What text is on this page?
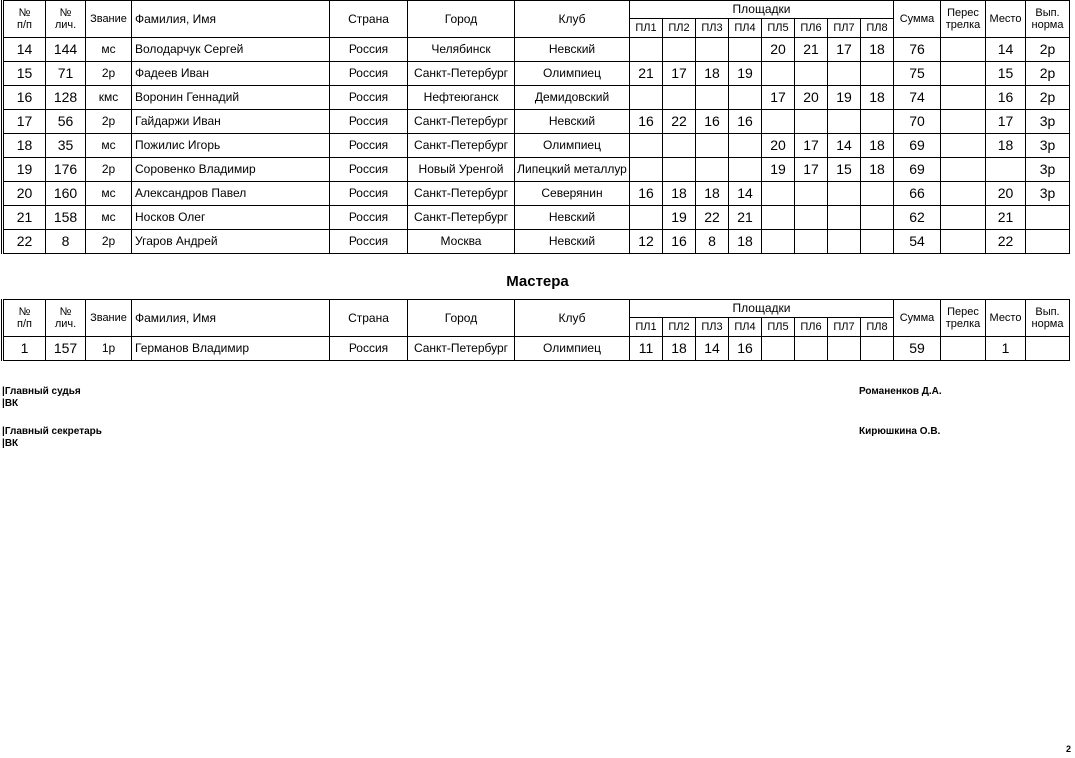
№
п/п	№
лич.	Звание	Фамилия, Имя	Страна	Город	Клуб	Площадки								Сумма	Перес
трелка	Место	Вып.
норма
							ПЛ1	ПЛ2	ПЛ3	ПЛ4	ПЛ5	ПЛ6	ПЛ7	ПЛ8				
14	144	мс	Володарчук Сергей	Россия	Челябинск	Невский					20	21	17	18	76		14	2р
15	71	2р	Фадеев Иван	Россия	Санкт-Петербург	Олимпиец	21	17	18	19					75		15	2р
16	128	кмс	Воронин Геннадий	Россия	Нефтеюганск	Демидовский					17	20	19	18	74		16	2р
17	56	2р	Гайдаржи Иван	Россия	Санкт-Петербург	Невский	16	22	16	16					70		17	3р
18	35	мс	Пожилис Игорь	Россия	Санкт-Петербург	Олимпиец					20	17	14	18	69		18	3р
19	176	2р	Соровенко Владимир	Россия	Новый Уренгой	Липецкий металлур					19	17	15	18	69			3р
20	160	мс	Александров Павел	Россия	Санкт-Петербург	Северянин	16	18	18	14					66		20	3р
21	158	мс	Носков Олег	Россия	Санкт-Петербург	Невский		19	22	21					62		21	
22	8	2р	Угаров Андрей	Россия	Москва	Невский	12	16	8	18					54		22	
Мастера
№
п/п	№
лич.	Звание	Фамилия, Имя	Страна	Город	Клуб	Площадки								Сумма	Перес
трелка	Место	Вып.
норма
							ПЛ1	ПЛ2	ПЛ3	ПЛ4	ПЛ5	ПЛ6	ПЛ7	ПЛ8				
1	157	1р	Германов Владимир	Россия	Санкт-Петербург	Олимпиец	11	18	14	16					59		1	
|Главный судья
|ВК
Романенков Д.А.
|Главный секретарь
|ВК
Кирюшкина О.В.
2
